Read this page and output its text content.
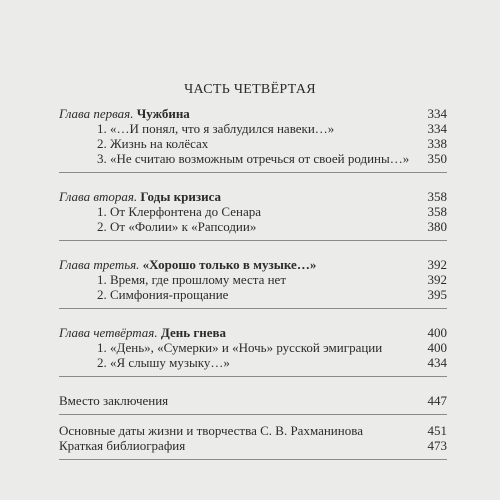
ЧАСТЬ ЧЕТВЁРТАЯ
Глава первая. Чужбина	334
1. «…И понял, что я заблудился навеки…»	334
2. Жизнь на колёсах	338
3. «Не считаю возможным отречься от своей родины…»	350
Глава вторая. Годы кризиса	358
1. От Клерфонтена до Сенара	358
2. От «Фолии» к «Рапсодии»	380
Глава третья. «Хорошо только в музыке…»	392
1. Время, где прошлому места нет	392
2. Симфония-прощание	395
Глава четвёртая. День гнева	400
1. «День», «Сумерки» и «Ночь» русской эмиграции	400
2. «Я слышу музыку…»	434
Вместо заключения	447
Основные даты жизни и творчества С. В. Рахманинова	451
Краткая библиография	473
